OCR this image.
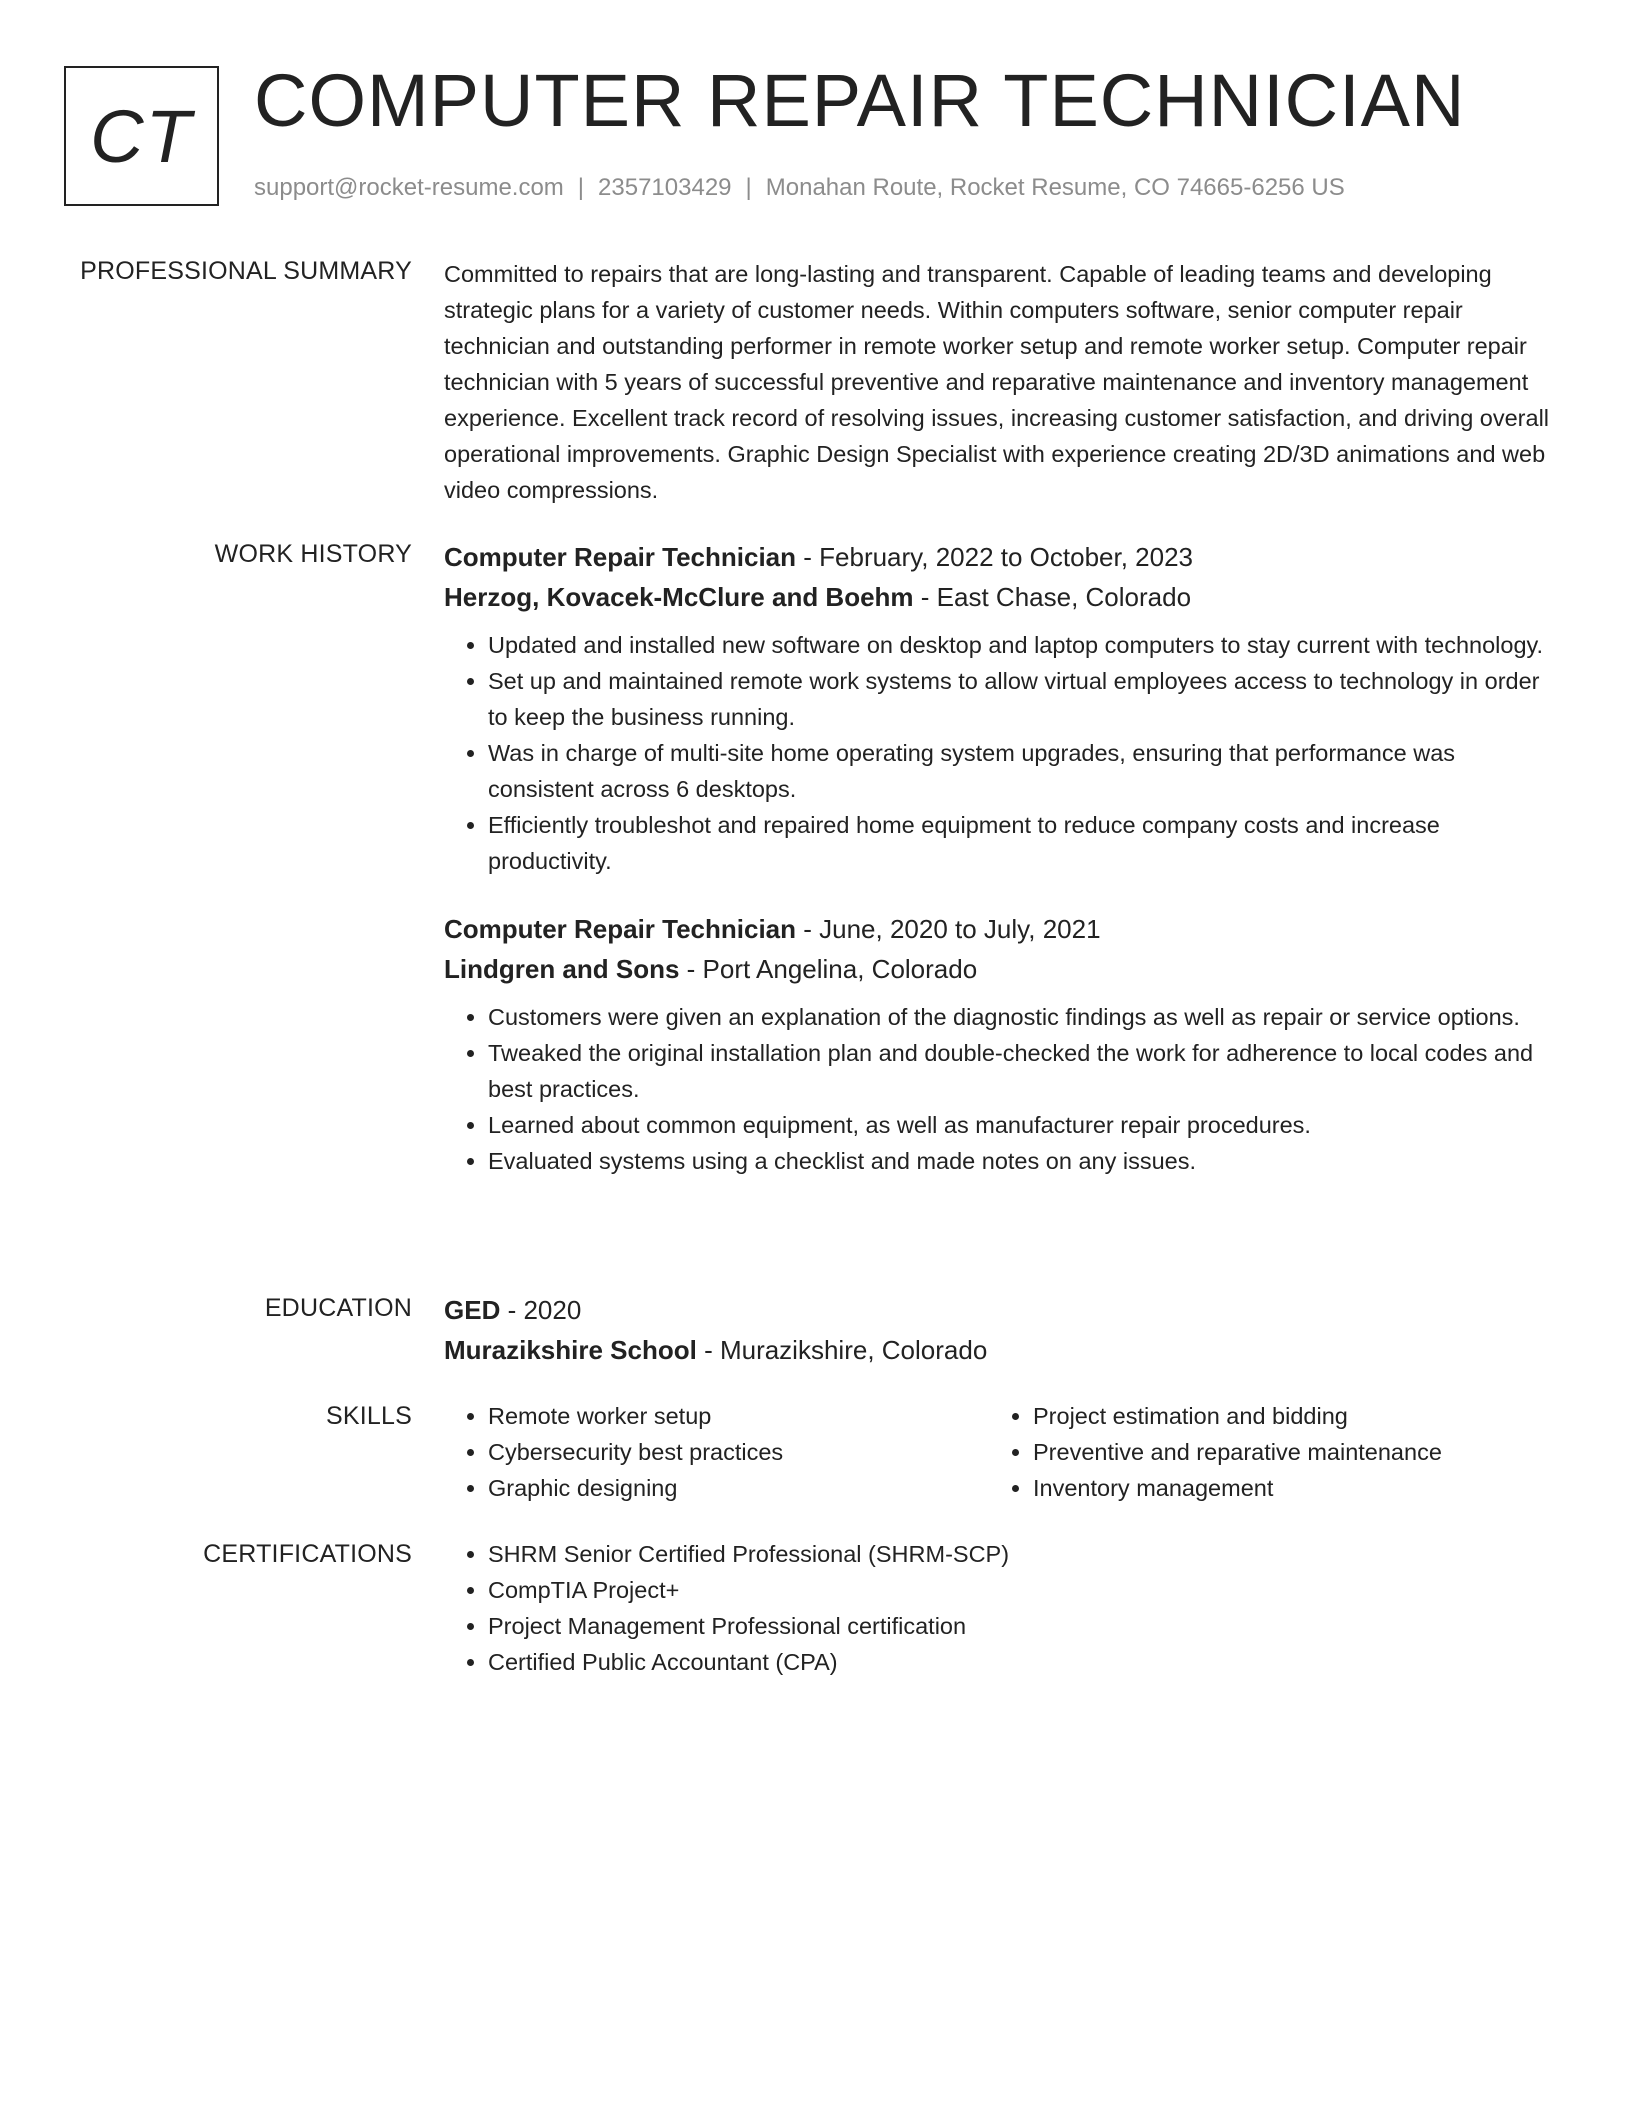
CT COMPUTER REPAIR TECHNICIAN
support@rocket-resume.com | 2357103429 | Monahan Route, Rocket Resume, CO 74665-6256 US
PROFESSIONAL SUMMARY Committed to repairs that are long-lasting and transparent. Capable of leading teams and developing strategic plans for a variety of customer needs. Within computers software, senior computer repair technician and outstanding performer in remote worker setup and remote worker setup. Computer repair technician with 5 years of successful preventive and reparative maintenance and inventory management experience. Excellent track record of resolving issues, increasing customer satisfaction, and driving overall operational improvements. Graphic Design Specialist with experience creating 2D/3D animations and web video compressions.

WORK HISTORY Computer Repair Technician - February, 2022 to October, 2023
Herzog, Kovacek-McClure and Boehm - East Chase, Colorado
• Updated and installed new software on desktop and laptop computers to stay current with technology.
• Set up and maintained remote work systems to allow virtual employees access to technology in order to keep the business running.
• Was in charge of multi-site home operating system upgrades, ensuring that performance was consistent across 6 desktops.
• Efficiently troubleshot and repaired home equipment to reduce company costs and increase productivity.
Computer Repair Technician - June, 2020 to July, 2021
Lindgren and Sons - Port Angelina, Colorado
• Customers were given an explanation of the diagnostic findings as well as repair or service options.
• Tweaked the original installation plan and double-checked the work for adherence to local codes and best practices.
• Learned about common equipment, as well as manufacturer repair procedures.
• Evaluated systems using a checklist and made notes on any issues.
EDUCATION GED - 2020
Murazikshire School - Murazikshire, Colorado
SKILLS	• Remote worker setup
• Cybersecurity best practices
• Graphic designing
• Project estimation and bidding
• Preventive and reparative maintenance
• Inventory management
CERTIFICATIONS	• SHRM Senior Certified Professional (SHRM-SCP)
• CompTIA Project+
• Project Management Professional certification
• Certified Public Accountant (CPA)
